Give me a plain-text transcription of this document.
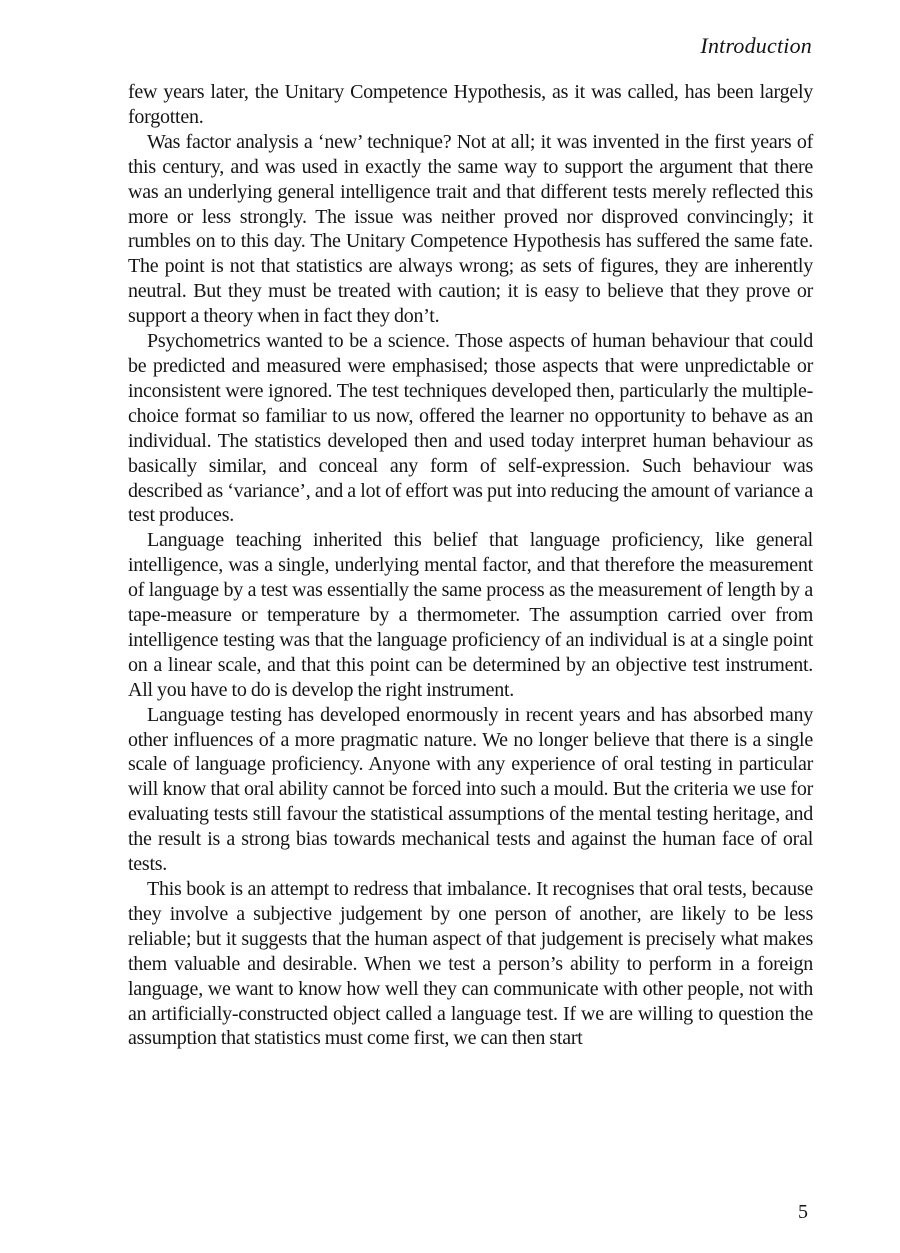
Introduction

few years later, the Unitary Competence Hypothesis, as it was called, has been largely forgotten.

Was factor analysis a ‘new’ technique? Not at all; it was invented in the first years of this century, and was used in exactly the same way to support the argument that there was an underlying general intelligence trait and that different tests merely reflected this more or less strongly. The issue was neither proved nor disproved convincingly; it rumbles on to this day. The Unitary Competence Hypothesis has suffered the same fate. The point is not that statistics are always wrong; as sets of figures, they are inherently neutral. But they must be treated with caution; it is easy to believe that they prove or support a theory when in fact they don’t.

Psychometrics wanted to be a science. Those aspects of human behaviour that could be predicted and measured were emphasised; those aspects that were unpredictable or inconsistent were ignored. The test techniques developed then, particularly the multiple-choice format so familiar to us now, offered the learner no opportunity to behave as an individual. The statistics developed then and used today interpret human behaviour as basically similar, and conceal any form of self-expression. Such behaviour was described as ‘variance’, and a lot of effort was put into reducing the amount of variance a test produces.

Language teaching inherited this belief that language proficiency, like general intelligence, was a single, underlying mental factor, and that therefore the measurement of language by a test was essentially the same process as the measurement of length by a tape-measure or temperature by a thermometer. The assumption carried over from intelligence testing was that the language proficiency of an individual is at a single point on a linear scale, and that this point can be determined by an objective test instrument. All you have to do is develop the right instrument.

Language testing has developed enormously in recent years and has absorbed many other influences of a more pragmatic nature. We no longer believe that there is a single scale of language proficiency. Anyone with any experience of oral testing in particular will know that oral ability cannot be forced into such a mould. But the criteria we use for evaluating tests still favour the statistical assumptions of the mental testing heritage, and the result is a strong bias towards mechanical tests and against the human face of oral tests.

This book is an attempt to redress that imbalance. It recognises that oral tests, because they involve a subjective judgement by one person of another, are likely to be less reliable; but it suggests that the human aspect of that judgement is precisely what makes them valuable and desirable. When we test a person’s ability to perform in a foreign language, we want to know how well they can communicate with other people, not with an artificially-constructed object called a language test. If we are willing to question the assumption that statistics must come first, we can then start

5
